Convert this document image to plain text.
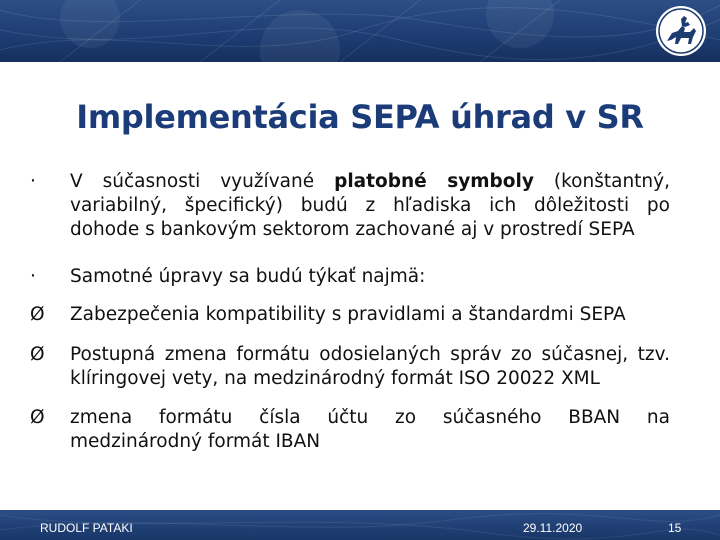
Implementácia SEPA úhrad v SR
·	V súčasnosti využívané platobné symboly (konštantný,
variabilný, špecifický) budú z hľadiska ich dôležitosti po
dohode s bankovým sektorom zachované aj v prostredí SEPA
·	Samotné úpravy sa budú týkať najmä:
Ø	Zabezpečenia kompatibility s pravidlami a štandardmi SEPA
Ø	Postupná zmena formátu odosielaných správ zo súčasnej, tzv.
klíringovej vety, na medzinárodný formát ISO 20022 XML
Ø	zmena formátu čísla účtu zo súčasného BBAN na
medzinárodný formát IBAN
RUDOLF PATAKI	29.11.2020	15
